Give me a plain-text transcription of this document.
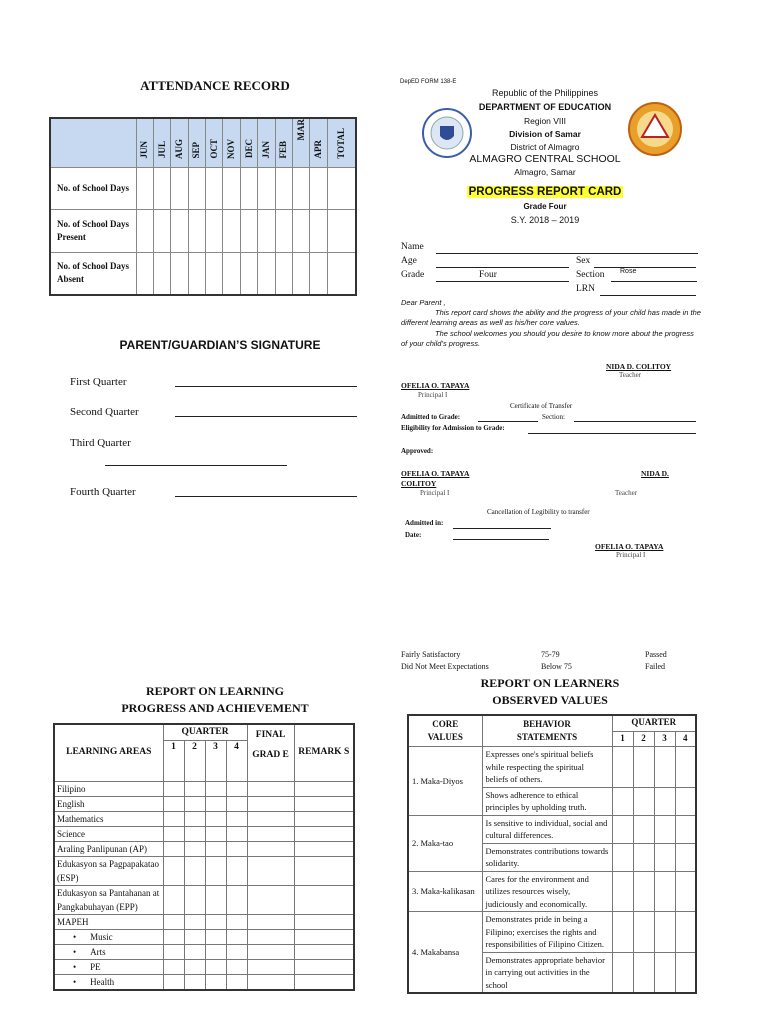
ATTENDANCE RECORD
	JUN	JUL	AUG	SEP	OCT	NOV	DEC	JAN	FEB	MAR	APR	TOTAL
No. of School Days												
No. of School Days Present												
No. of School Days Absent												
PARENT/GUARDIAN’S SIGNATURE
First Quarter
Second Quarter
Third Quarter
Fourth Quarter
DepED FORM 138-E
Republic of the Philippines
DEPARTMENT OF EDUCATION
Region VIII
Division of Samar
District of Almagro
ALMAGRO CENTRAL SCHOOL
Almagro, Samar
PROGRESS REPORT CARD
Grade Four
S.Y. 2018 – 2019
Name
Age	Sex
Grade	Four	Section Rose
LRN
Dear Parent ,
This report card shows the ability and the progress of your child has made in the different learning areas as well as his/her core values.
The school welcomes you should you desire to know more about the progress of your child’s progress.
NIDA D. COLITOY
Teacher
OFELIA O. TAPAYA
Principal I
Certificate of Transfer
Admitted to Grade:	Section:
Eligibility for Admission to Grade:
Approved:
OFELIA O. TAPAYA	NIDA D.
COLITOY
Principal I	Teacher
Cancellation of Legibility to transfer
Admitted in:
Date:
OFELIA O. TAPAYA
Principal I
Fairly Satisfactory	75-79	Passed
Did Not Meet Expectations	Below 75	Failed
REPORT ON LEARNING
PROGRESS AND ACHIEVEMENT
LEARNING AREAS	QUARTER				FINAL GRAD E	REMARK S
	1	2	3	4		
Filipino						
English						
Mathematics						
Science						
Araling Panlipunan (AP)						
Edukasyon sa Pagpapakatao (ESP)						
Edukasyon sa Pantahanan at Pangkabuhayan (EPP)						
MAPEH						
• Music						
• Arts						
• PE						
• Health						
REPORT ON LEARNERS
OBSERVED VALUES
CORE VALUES	BEHAVIOR STATEMENTS	QUARTER			
		1	2	3	4
1. Maka-Diyos	Expresses one's spiritual beliefs while respecting the spiritual beliefs of others.				
	Shows adherence to ethical principles by upholding truth.				
2. Maka-tao	Is sensitive to individual, social and cultural differences.				
	Demonstrates contributions towards solidarity.				
3. Maka-kalikasan	Cares for the environment and utilizes resources wisely, judiciously and economically.				
4. Makabansa	Demonstrates pride in being a Filipino; exercises the rights and responsibilities of Filipino Citizen.				
	Demonstrates appropriate behavior in carrying out activities in the school				
